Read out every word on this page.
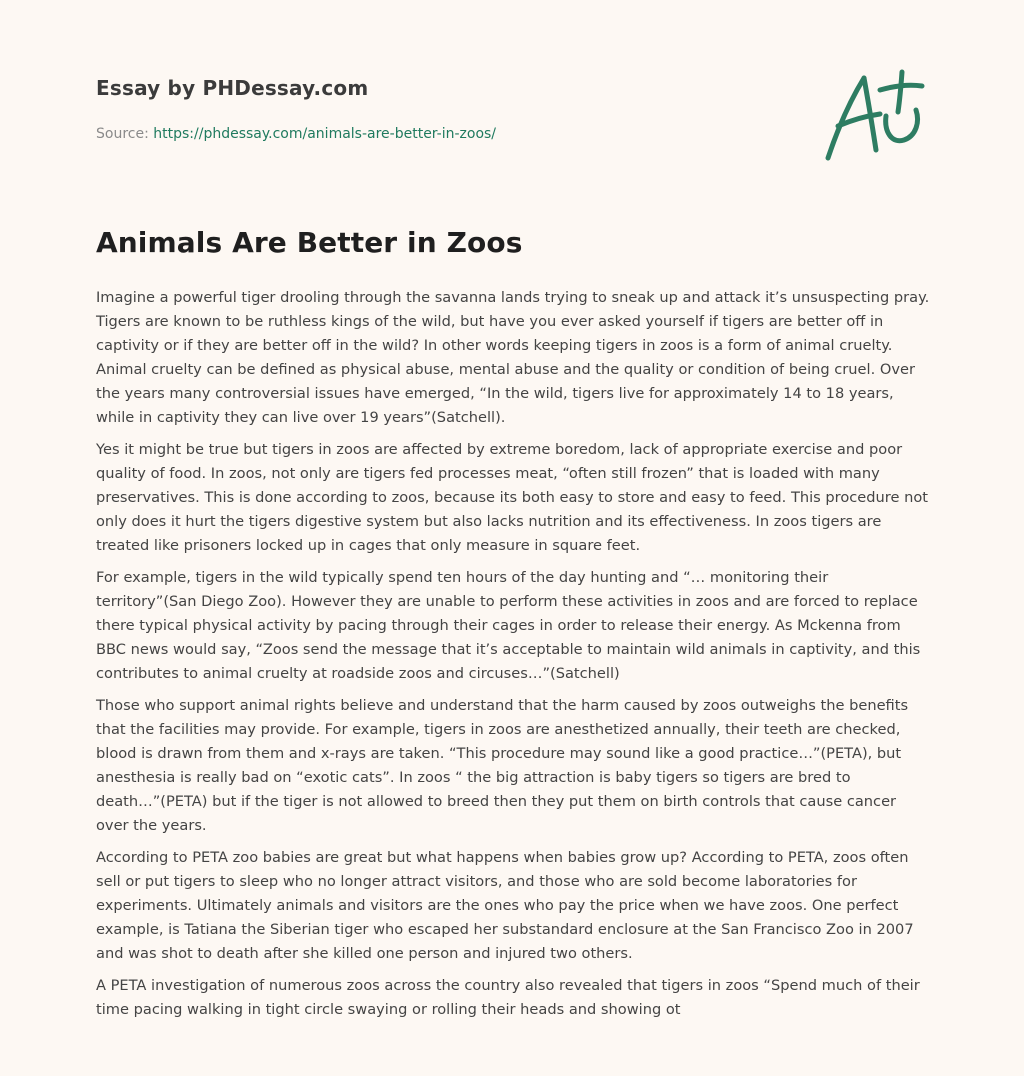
Essay by PHDessay.com
Source: https://phdessay.com/animals-are-better-in-zoos/
Animals Are Better in Zoos

Imagine a powerful tiger drooling through the savanna lands trying to sneak up and attack it’s unsuspecting pray. Tigers are known to be ruthless kings of the wild, but have you ever asked yourself if tigers are better off in captivity or if they are better off in the wild? In other words keeping tigers in zoos is a form of animal cruelty. Animal cruelty can be defined as physical abuse, mental abuse and the quality or condition of being cruel. Over the years many controversial issues have emerged, “In the wild, tigers live for approximately 14 to 18 years, while in captivity they can live over 19 years”(Satchell).

Yes it might be true but tigers in zoos are affected by extreme boredom, lack of appropriate exercise and poor quality of food. In zoos, not only are tigers fed processes meat, “often still frozen” that is loaded with many preservatives. This is done according to zoos, because its both easy to store and easy to feed. This procedure not only does it hurt the tigers digestive system but also lacks nutrition and its effectiveness. In zoos tigers are treated like prisoners locked up in cages that only measure in square feet.

For example, tigers in the wild typically spend ten hours of the day hunting and “… monitoring their territory”(San Diego Zoo). However they are unable to perform these activities in zoos and are forced to replace there typical physical activity by pacing through their cages in order to release their energy. As Mckenna from BBC news would say, “Zoos send the message that it’s acceptable to maintain wild animals in captivity, and this contributes to animal cruelty at roadside zoos and circuses…”(Satchell)

Those who support animal rights believe and understand that the harm caused by zoos outweighs the benefits that the facilities may provide. For example, tigers in zoos are anesthetized annually, their teeth are checked, blood is drawn from them and x-rays are taken. “This procedure may sound like a good practice…”(PETA), but anesthesia is really bad on “exotic cats”. In zoos “ the big attraction is baby tigers so tigers are bred to death…”(PETA) but if the tiger is not allowed to breed then they put them on birth controls that cause cancer over the years.

According to PETA zoo babies are great but what happens when babies grow up? According to PETA, zoos often sell or put tigers to sleep who no longer attract visitors, and those who are sold become laboratories for experiments. Ultimately animals and visitors are the ones who pay the price when we have zoos. One perfect example, is Tatiana the Siberian tiger who escaped her substandard enclosure at the San Francisco Zoo in 2007 and was shot to death after she killed one person and injured two others.

A PETA investigation of numerous zoos across the country also revealed that tigers in zoos “Spend much of their time pacing walking in tight circle swaying or rolling their heads and showing ot
